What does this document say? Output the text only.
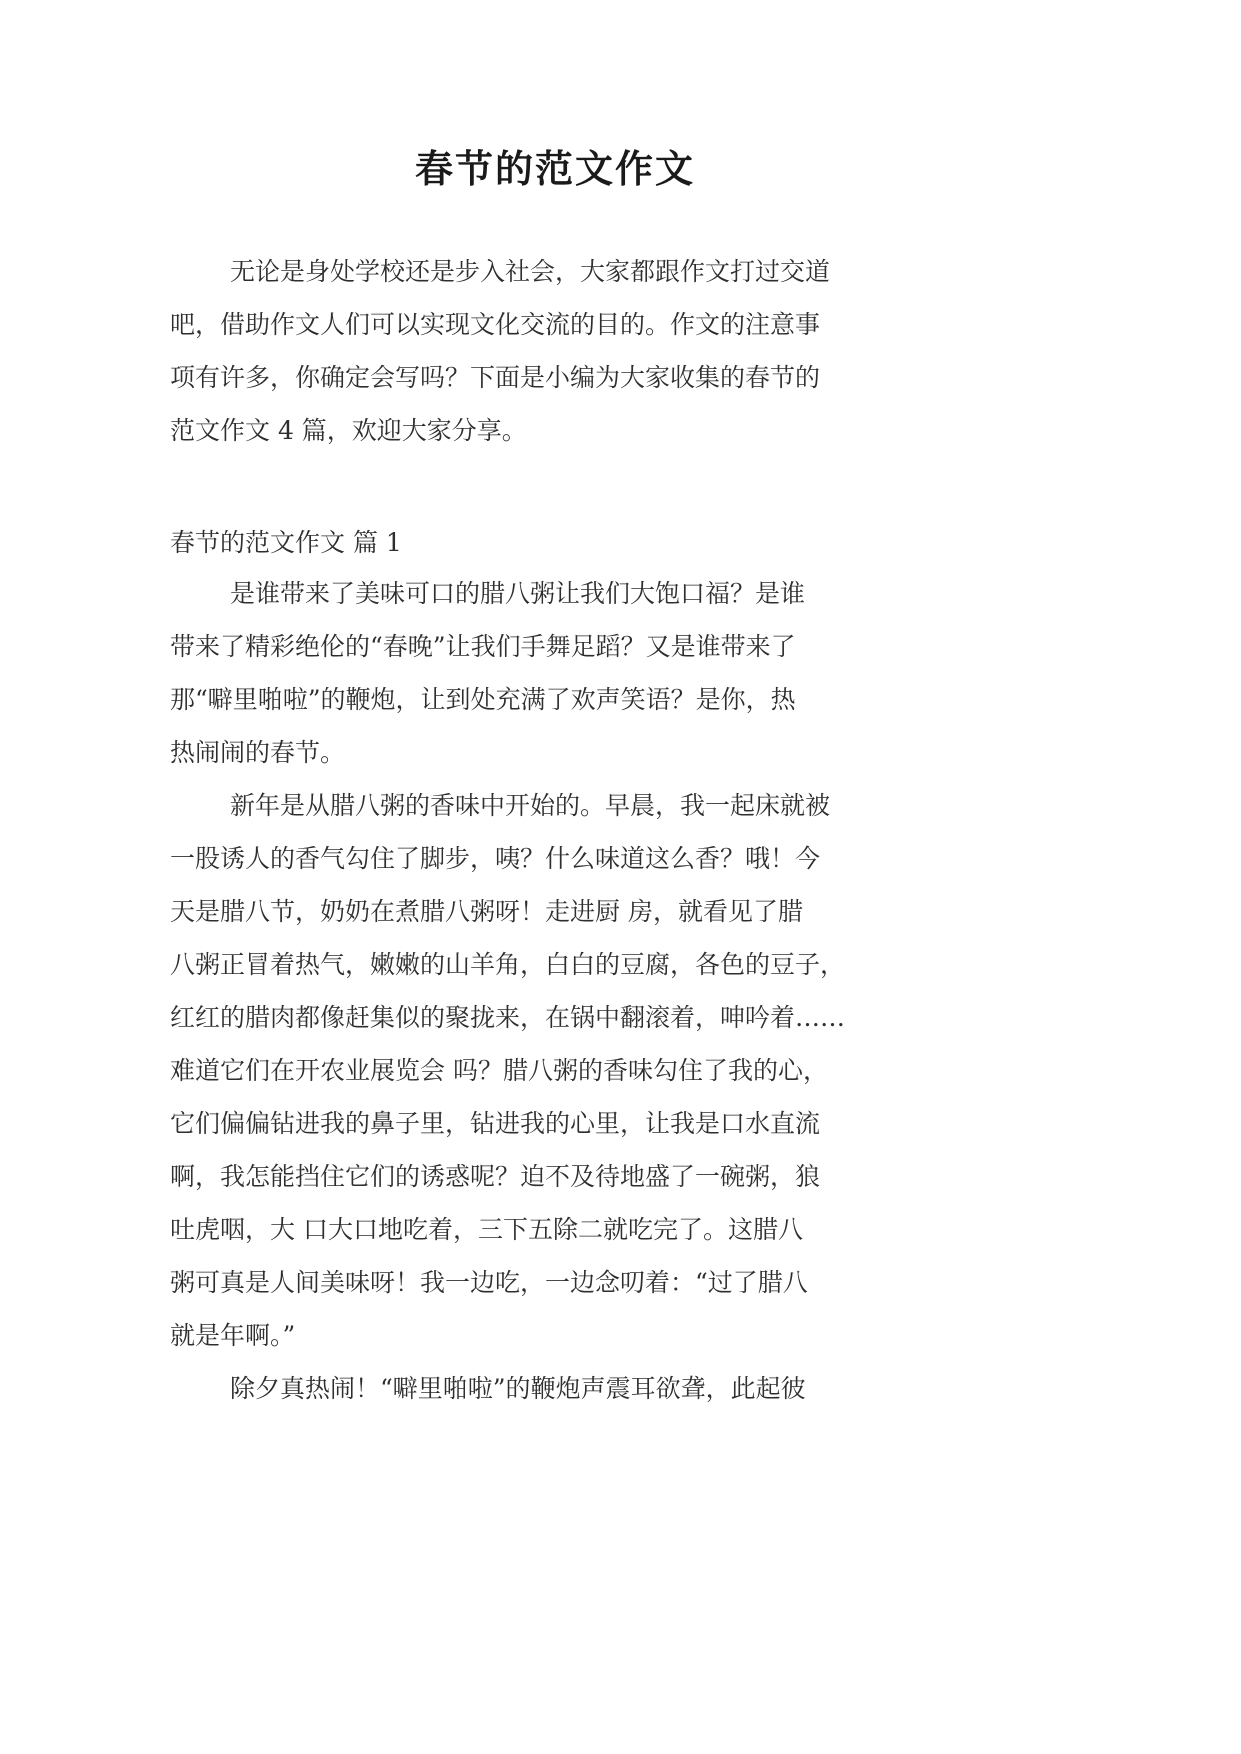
春节的范文作文
无论是身处学校还是步入社会，大家都跟作文打过交道
吧，借助作文人们可以实现文化交流的目的。作文的注意事
项有许多，你确定会写吗？下面是小编为大家收集的春节的
范文作文 4 篇，欢迎大家分享。
春节的范文作文 篇 1
是谁带来了美味可口的腊八粥让我们大饱口福？是谁
带来了精彩绝伦的“春晚”让我们手舞足蹈？又是谁带来了
那“噼里啪啦”的鞭炮，让到处充满了欢声笑语？是你，热
热闹闹的春节。
新年是从腊八粥的香味中开始的。早晨，我一起床就被
一股诱人的香气勾住了脚步，咦？什么味道这么香？哦！今
天是腊八节，奶奶在煮腊八粥呀！走进厨 房，就看见了腊
八粥正冒着热气，嫩嫩的山羊角，白白的豆腐，各色的豆子，
红红的腊肉都像赶集似的聚拢来，在锅中翻滚着，呻吟着……
难道它们在开农业展览会 吗？腊八粥的香味勾住了我的心，
它们偏偏钻进我的鼻子里，钻进我的心里，让我是口水直流
啊，我怎能挡住它们的诱惑呢？迫不及待地盛了一碗粥，狼
吐虎咽，大 口大口地吃着，三下五除二就吃完了。这腊八
粥可真是人间美味呀！我一边吃，一边念叨着：“过了腊八
就是年啊。”
除夕真热闹！“噼里啪啦”的鞭炮声震耳欲聋，此起彼
